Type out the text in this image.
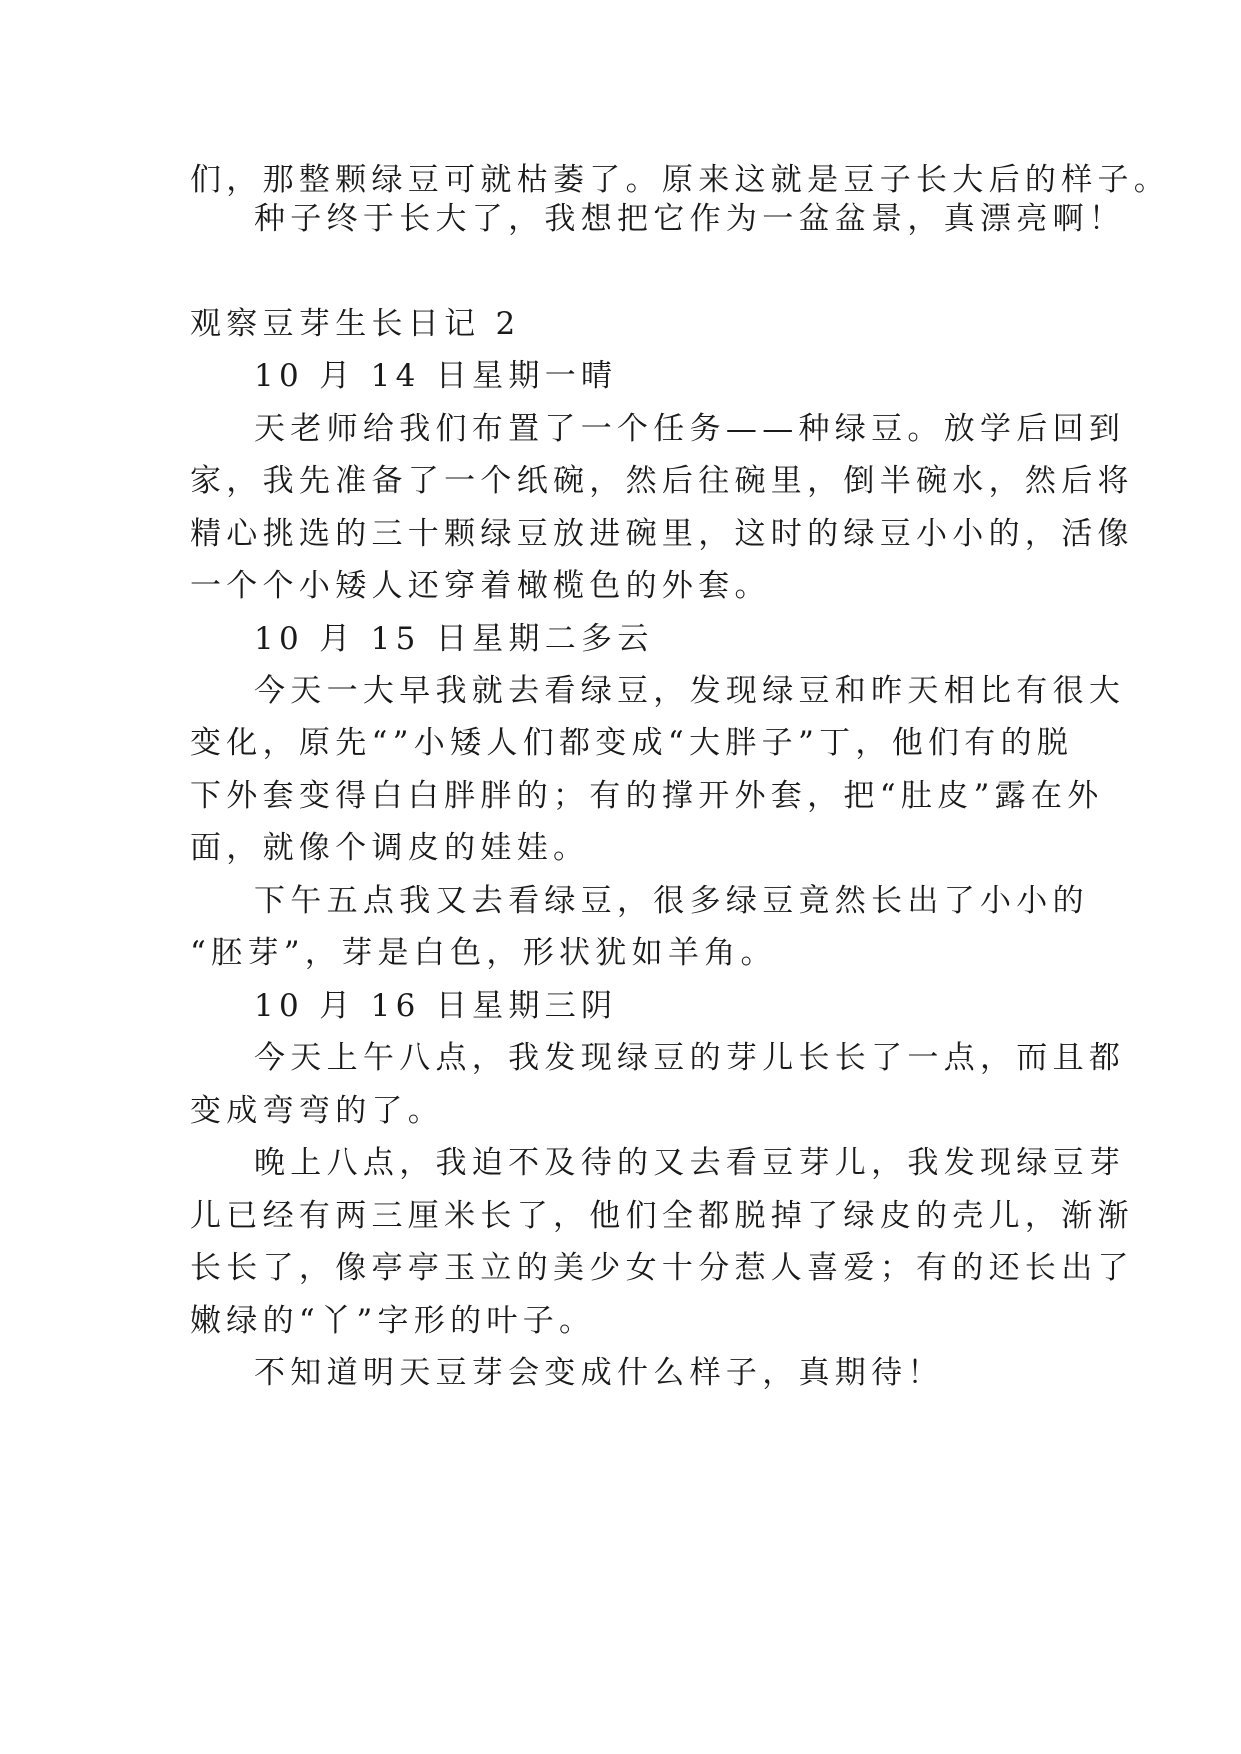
们，那整颗绿豆可就枯萎了。原来这就是豆子长大后的样子。
种子终于长大了，我想把它作为一盆盆景，真漂亮啊！
观察豆芽生长日记 2
10 月 14 日星期一晴
天老师给我们布置了一个任务——种绿豆。放学后回到
家，我先准备了一个纸碗，然后往碗里，倒半碗水，然后将
精心挑选的三十颗绿豆放进碗里，这时的绿豆小小的，活像
一个个小矮人还穿着橄榄色的外套。
10 月 15 日星期二多云
今天一大早我就去看绿豆，发现绿豆和昨天相比有很大
变化，原先“”小矮人们都变成“大胖子”丁，他们有的脱
下外套变得白白胖胖的；有的撑开外套，把“肚皮”露在外
面，就像个调皮的娃娃。
下午五点我又去看绿豆，很多绿豆竟然长出了小小的
“胚芽”，芽是白色，形状犹如羊角。
10 月 16 日星期三阴
今天上午八点，我发现绿豆的芽儿长长了一点，而且都
变成弯弯的了。
晚上八点，我迫不及待的又去看豆芽儿，我发现绿豆芽
儿已经有两三厘米长了，他们全都脱掉了绿皮的壳儿，渐渐
长长了，像亭亭玉立的美少女十分惹人喜爱；有的还长出了
嫩绿的“丫”字形的叶子。
不知道明天豆芽会变成什么样子，真期待！
